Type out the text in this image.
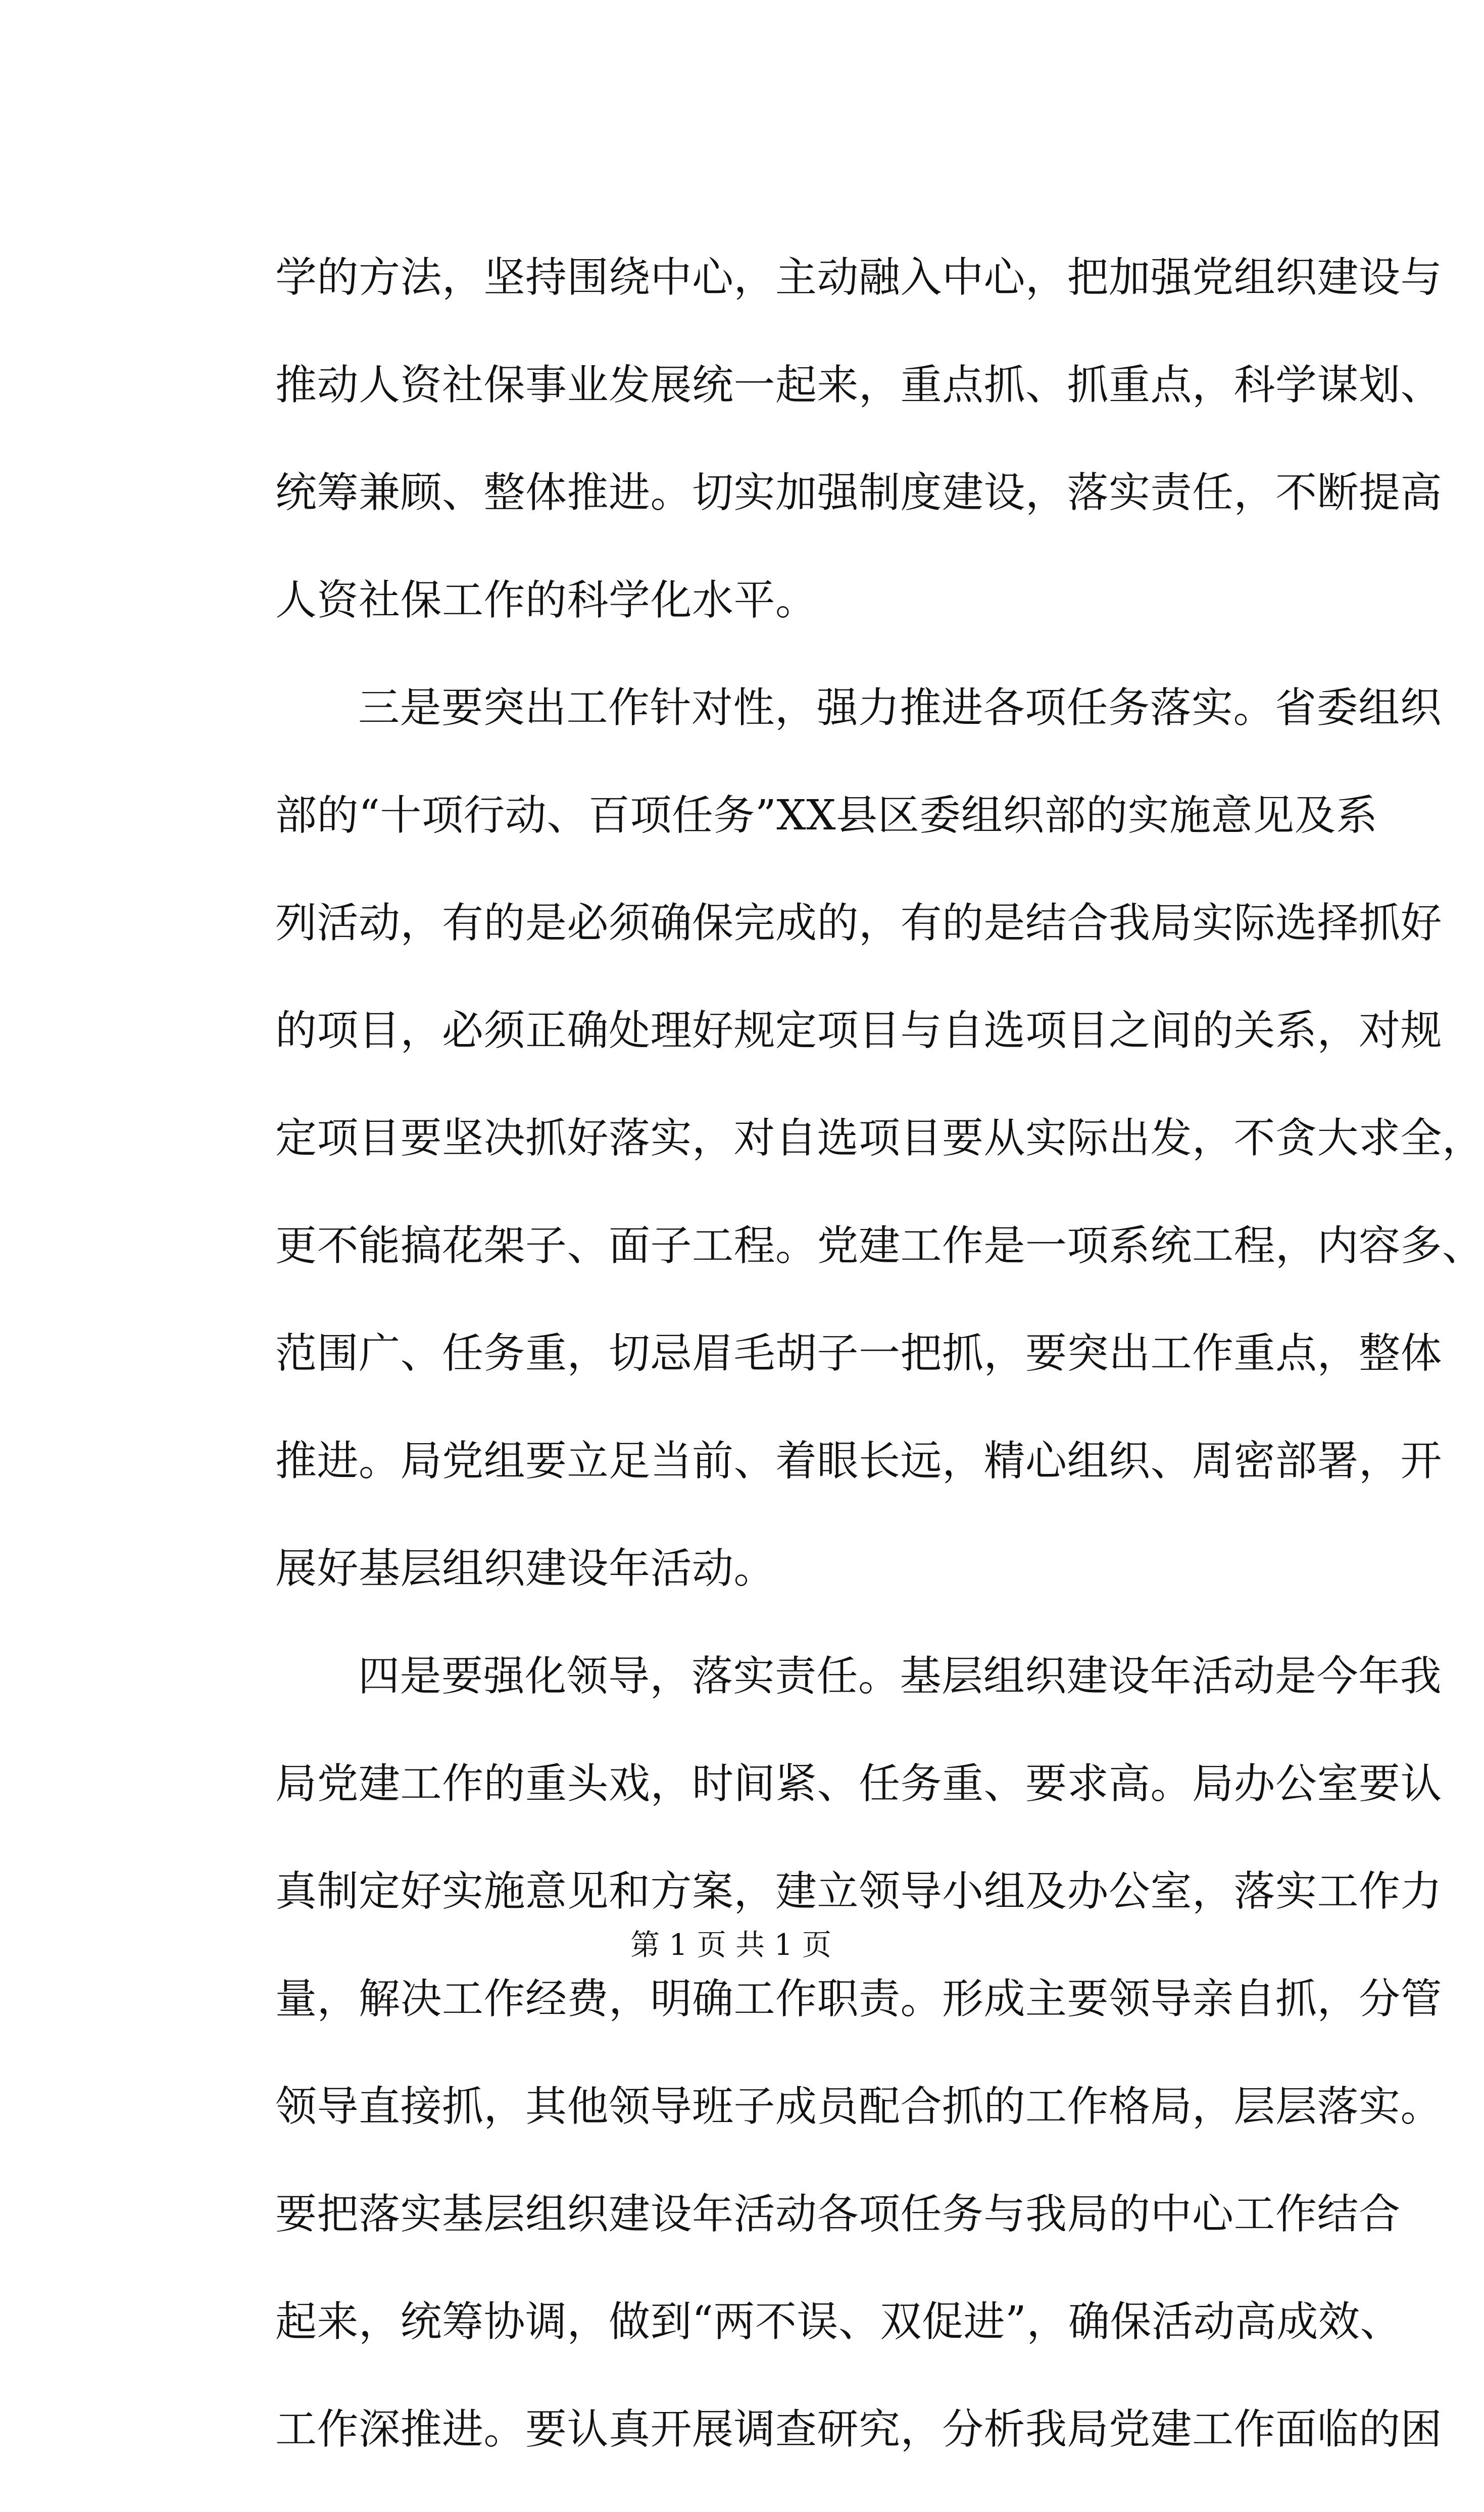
学的方法，坚持围绕中心，主动融入中心，把加强党组织建设与
推动人资社保事业发展统一起来，重点抓、抓重点，科学谋划、
统筹兼顾、整体推进。切实加强制度建设，落实责任，不断提高
人资社保工作的科学化水平。
三是要突出工作针对性，强力推进各项任务落实。省委组织
部的“十项行动、百项任务”XX县区委组织部的实施意见及系
列活动，有的是必须确保完成的，有的是结合我局实际选择抓好
的项目，必须正确处理好规定项目与自选项目之间的关系，对规
定项目要坚决抓好落实，对自选项目要从实际出发，不贪大求全，
更不能搞花架子、面子工程。党建工作是一项系统工程，内容多、
范围广、任务重，切忌眉毛胡子一把抓，要突出工作重点，整体
推进。局党组要立足当前、着眼长远，精心组织、周密部署，开
展好基层组织建设年活动。
四是要强化领导，落实责任。基层组织建设年活动是今年我
局党建工作的重头戏，时间紧、任务重、要求高。局办公室要认
真制定好实施意见和方案，建立领导小组及办公室，落实工作力
量，解决工作经费，明确工作职责。形成主要领导亲自抓，分管
领导直接抓，其他领导班子成员配合抓的工作格局，层层落实。
要把落实基层组织建设年活动各项任务与我局的中心工作结合
起来，统筹协调，做到“两不误、双促进”，确保活动高成效、
工作深推进。要认真开展调查研究，分析我局党建工作面临的困
第 1 页 共 1 页
